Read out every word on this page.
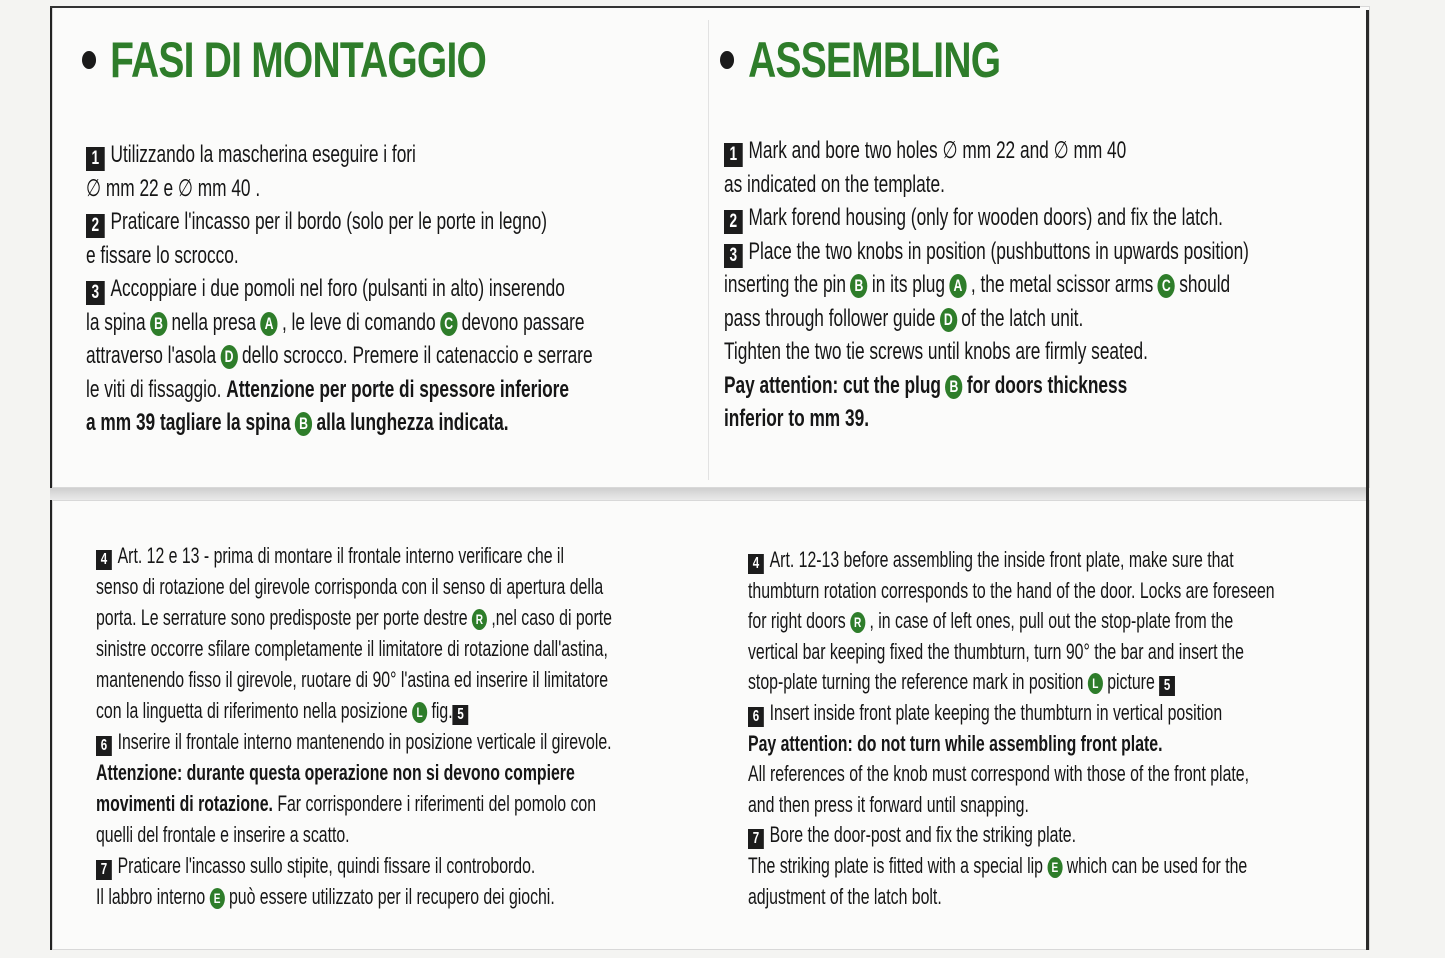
FASI DI MONTAGGIO	ASSEMBLING

1 Utilizzando la mascherina eseguire i fori

∅ mm 22 e ∅ mm 40 .

2 Praticare l'incasso per il bordo (solo per le porte in legno)

e fissare lo scrocco.

3 Accoppiare i due pomoli nel foro (pulsanti in alto) inserendo

la spina B nella presa A , le leve di comando C devono passare

attraverso l'asola D dello scrocco. Premere il catenaccio e serrare

le viti di fissaggio. Attenzione per porte di spessore inferiore

a mm 39 tagliare la spina B alla lunghezza indicata.

1 Mark and bore two holes ∅ mm 22 and ∅ mm 40

as indicated on the template.

2 Mark forend housing (only for wooden doors) and fix the latch.

3 Place the two knobs in position (pushbuttons in upwards position)

inserting the pin B in its plug A , the metal scissor arms C should

pass through follower guide D of the latch unit.

Tighten the two tie screws until knobs are firmly seated.

Pay attention: cut the plug B for doors thickness

inferior to mm 39.

4 Art. 12 e 13 - prima di montare il frontale interno verificare che il

senso di rotazione del girevole corrisponda con il senso di apertura della

porta. Le serrature sono predisposte per porte destre R ,nel caso di porte

sinistre occorre sfilare completamente il limitatore di rotazione dall'astina,

mantenendo fisso il girevole, ruotare di 90° l'astina ed inserire il limitatore

con la linguetta di riferimento nella posizione L fig. 5

6 Inserire il frontale interno mantenendo in posizione verticale il girevole.

Attenzione: durante questa operazione non si devono compiere

movimenti di rotazione. Far corrispondere i riferimenti del pomolo con

quelli del frontale e inserire a scatto.

7 Praticare l'incasso sullo stipite, quindi fissare il controbordo.

Il labbro interno E può essere utilizzato per il recupero dei giochi.

4 Art. 12-13 before assembling the inside front plate, make sure that

thumbturn rotation corresponds to the hand of the door. Locks are foreseen

for right doors R , in case of left ones, pull out the stop-plate from the

vertical bar keeping fixed the thumbturn, turn 90° the bar and insert the

stop-plate turning the reference mark in position L picture 5

6 Insert inside front plate keeping the thumbturn in vertical position

Pay attention: do not turn while assembling front plate.

All references of the knob must correspond with those of the front plate,

and then press it forward until snapping.

7 Bore the door-post and fix the striking plate.

The striking plate is fitted with a special lip E which can be used for the

adjustment of the latch bolt.
